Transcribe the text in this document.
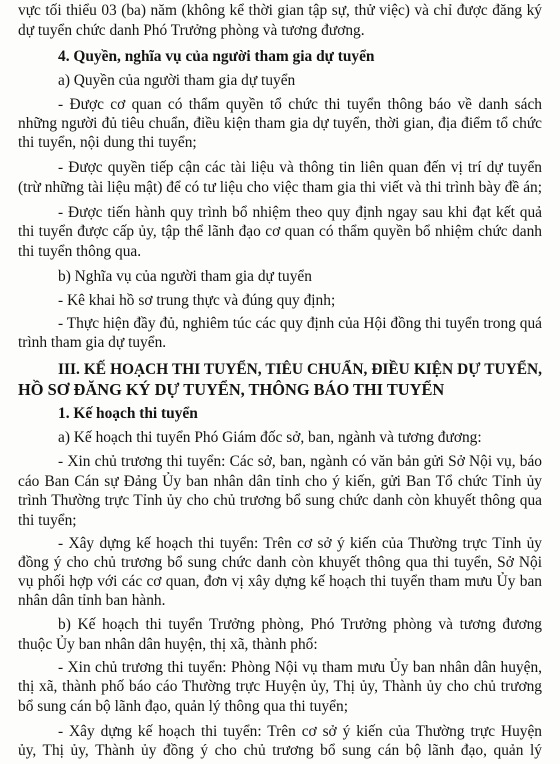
vực tối thiểu 03 (ba) năm (không kể thời gian tập sự, thử việc) và chỉ được đăng ký
dự tuyển chức danh Phó Trưởng phòng và tương đương.
4. Quyền, nghĩa vụ của người tham gia dự tuyển
a) Quyền của người tham gia dự tuyển
- Được cơ quan có thẩm quyền tổ chức thi tuyển thông báo về danh sách
những người đủ tiêu chuẩn, điều kiện tham gia dự tuyển, thời gian, địa điểm tổ chức
thi tuyển, nội dung thi tuyển;
- Được quyền tiếp cận các tài liệu và thông tin liên quan đến vị trí dự tuyển
(trừ những tài liệu mật) để có tư liệu cho việc tham gia thi viết và thi trình bày đề án;
- Được tiến hành quy trình bổ nhiệm theo quy định ngay sau khi đạt kết quả
thi tuyển được cấp ủy, tập thể lãnh đạo cơ quan có thẩm quyền bổ nhiệm chức danh
thi tuyển thông qua.
b) Nghĩa vụ của người tham gia dự tuyển
- Kê khai hồ sơ trung thực và đúng quy định;
- Thực hiện đầy đủ, nghiêm túc các quy định của Hội đồng thi tuyển trong quá
trình tham gia dự tuyển.
III. KẾ HOẠCH THI TUYỂN, TIÊU CHUẨN, ĐIỀU KIỆN DỰ TUYỂN,
HỒ SƠ ĐĂNG KÝ DỰ TUYỂN, THÔNG BÁO THI TUYỂN
1. Kế hoạch thi tuyển
a) Kế hoạch thi tuyển Phó Giám đốc sở, ban, ngành và tương đương:
- Xin chủ trương thi tuyển: Các sở, ban, ngành có văn bản gửi Sở Nội vụ, báo
cáo Ban Cán sự Đảng Ủy ban nhân dân tỉnh cho ý kiến, gửi Ban Tổ chức Tỉnh ủy
trình Thường trực Tỉnh ủy cho chủ trương bổ sung chức danh còn khuyết thông qua
thi tuyển;
- Xây dựng kế hoạch thi tuyển: Trên cơ sở ý kiến của Thường trực Tỉnh ủy
đồng ý cho chủ trương bổ sung chức danh còn khuyết thông qua thi tuyển, Sở Nội
vụ phối hợp với các cơ quan, đơn vị xây dựng kế hoạch thi tuyển tham mưu Ủy ban
nhân dân tỉnh ban hành.
b) Kế hoạch thi tuyển Trưởng phòng, Phó Trưởng phòng và tương đương
thuộc Ủy ban nhân dân huyện, thị xã, thành phố:
- Xin chủ trương thi tuyển: Phòng Nội vụ tham mưu Ủy ban nhân dân huyện,
thị xã, thành phố báo cáo Thường trực Huyện ủy, Thị ủy, Thành ủy cho chủ trương
bổ sung cán bộ lãnh đạo, quản lý thông qua thi tuyển;
- Xây dựng kế hoạch thi tuyển: Trên cơ sở ý kiến của Thường trực Huyện
ủy, Thị ủy, Thành ủy đồng ý cho chủ trương bổ sung cán bộ lãnh đạo, quản lý
